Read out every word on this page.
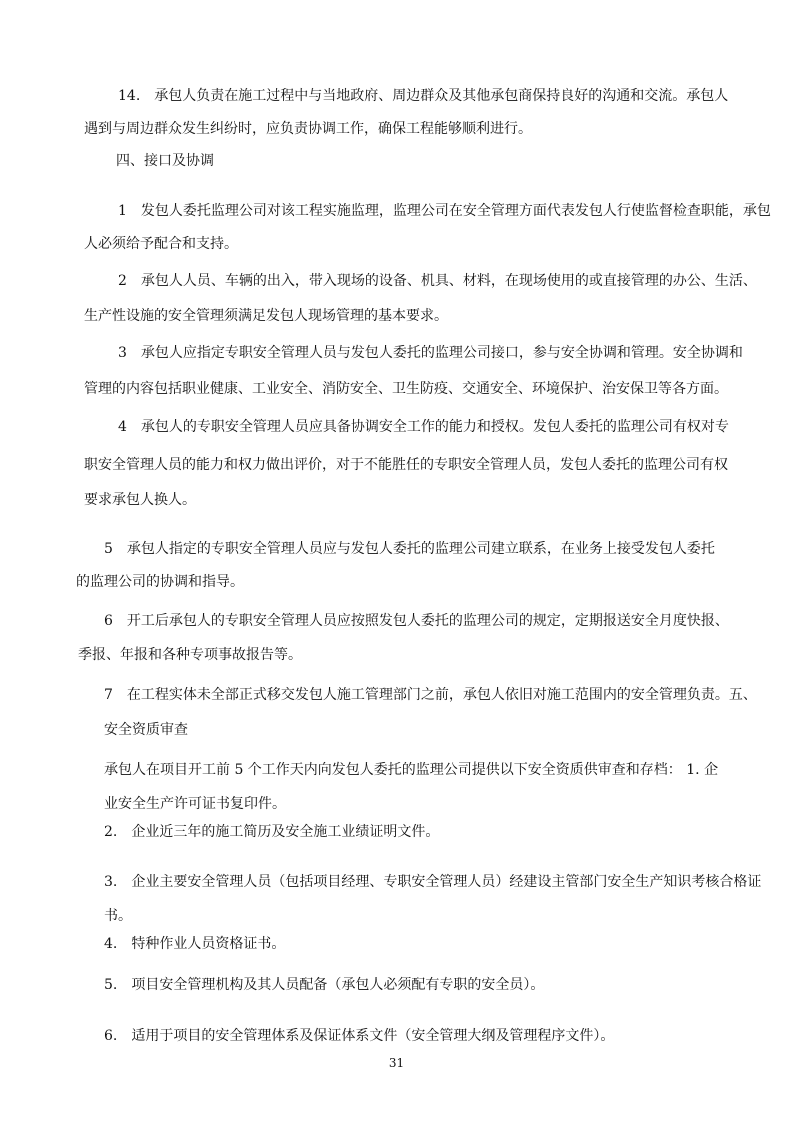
14. 承包人负责在施工过程中与当地政府、周边群众及其他承包商保持良好的沟通和交流。承包人
遇到与周边群众发生纠纷时，应负责协调工作，确保工程能够顺利进行。
四、接口及协调
1 发包人委托监理公司对该工程实施监理，监理公司在安全管理方面代表发包人行使监督检查职能，承包
人必须给予配合和支持。
2 承包人人员、车辆的出入，带入现场的设备、机具、材料，在现场使用的或直接管理的办公、生活、
生产性设施的安全管理须满足发包人现场管理的基本要求。
3 承包人应指定专职安全管理人员与发包人委托的监理公司接口，参与安全协调和管理。安全协调和
管理的内容包括职业健康、工业安全、消防安全、卫生防疫、交通安全、环境保护、治安保卫等各方面。
4 承包人的专职安全管理人员应具备协调安全工作的能力和授权。发包人委托的监理公司有权对专
职安全管理人员的能力和权力做出评价，对于不能胜任的专职安全管理人员，发包人委托的监理公司有权
要求承包人换人。
5 承包人指定的专职安全管理人员应与发包人委托的监理公司建立联系，在业务上接受发包人委托
的监理公司的协调和指导。
6 开工后承包人的专职安全管理人员应按照发包人委托的监理公司的规定，定期报送安全月度快报、
季报、年报和各种专项事故报告等。
7 在工程实体未全部正式移交发包人施工管理部门之前，承包人依旧对施工范围内的安全管理负责。五、
安全资质审查
承包人在项目开工前 5 个工作天内向发包人委托的监理公司提供以下安全资质供审查和存档： 1. 企
业安全生产许可证书复印件。
2. 企业近三年的施工简历及安全施工业绩证明文件。
3. 企业主要安全管理人员（包括项目经理、专职安全管理人员）经建设主管部门安全生产知识考核合格证
书。
4. 特种作业人员资格证书。
5. 项目安全管理机构及其人员配备（承包人必须配有专职的安全员）。
6. 适用于项目的安全管理体系及保证体系文件（安全管理大纲及管理程序文件）。
31
